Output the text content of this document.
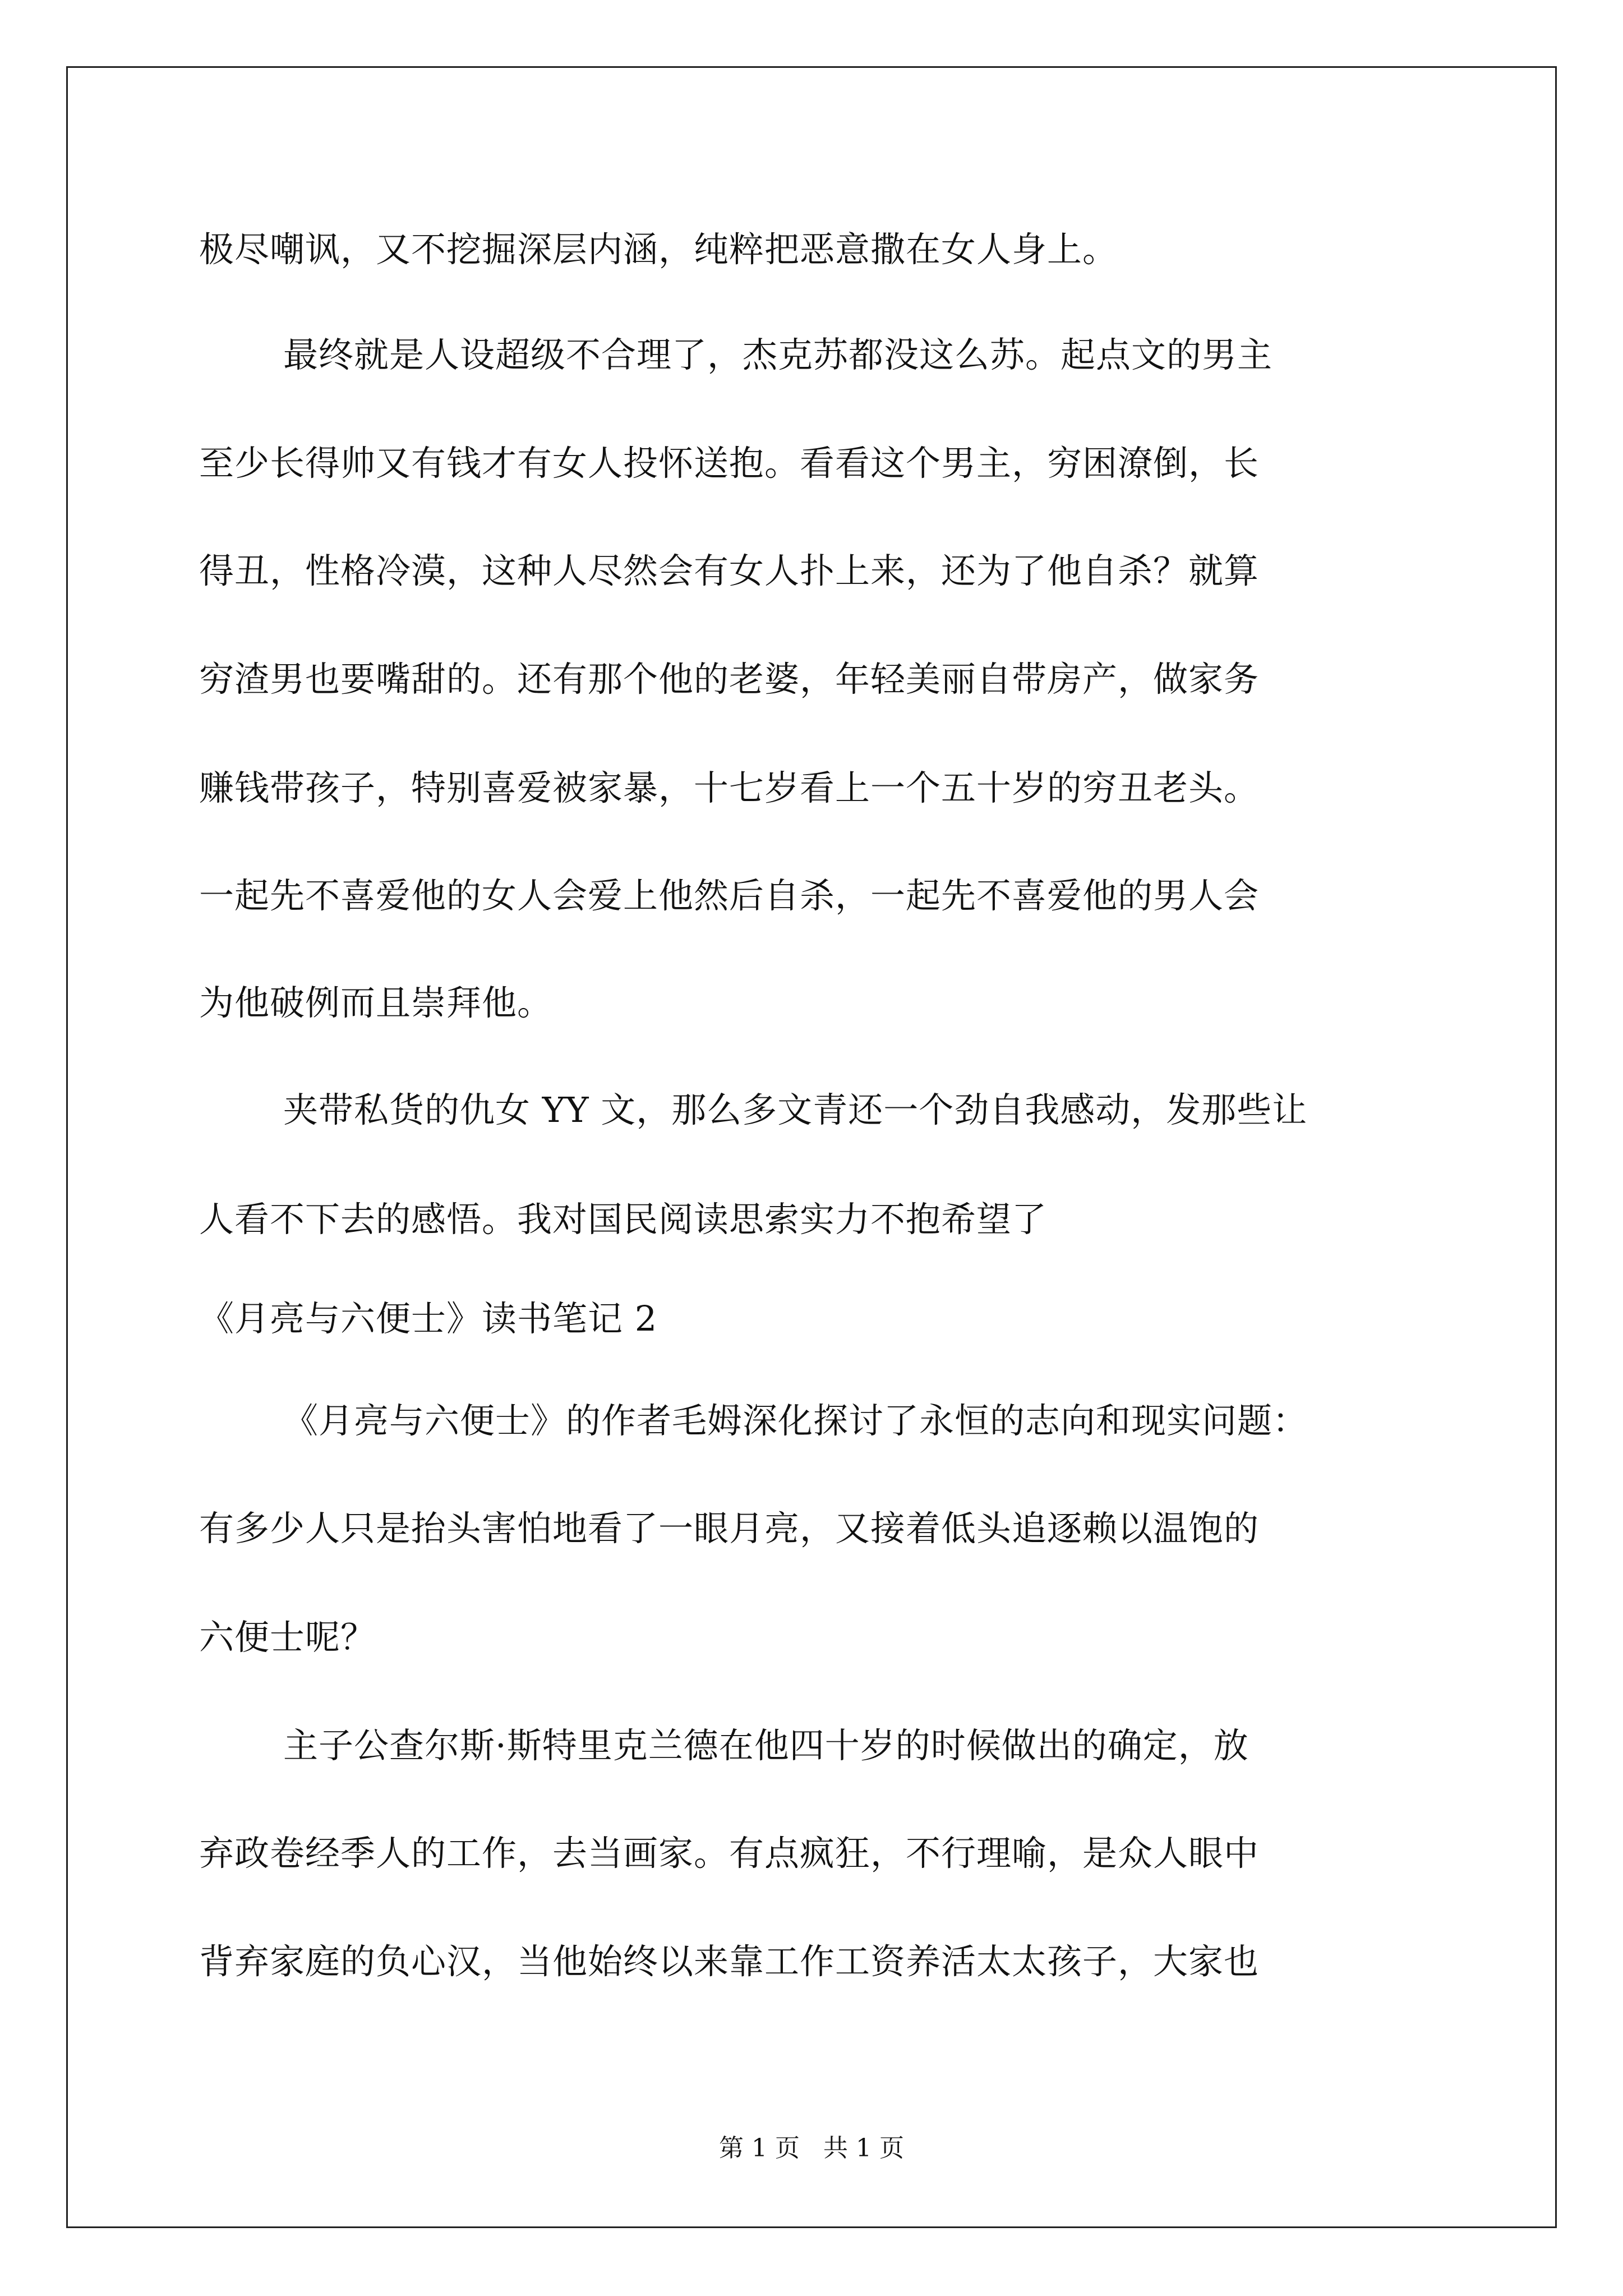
极尽嘲讽，又不挖掘深层内涵，纯粹把恶意撒在女人身上。
最终就是人设超级不合理了，杰克苏都没这么苏。起点文的男主
至少长得帅又有钱才有女人投怀送抱。看看这个男主，穷困潦倒，长
得丑，性格冷漠，这种人尽然会有女人扑上来，还为了他自杀？就算
穷渣男也要嘴甜的。还有那个他的老婆，年轻美丽自带房产，做家务
赚钱带孩子，特别喜爱被家暴，十七岁看上一个五十岁的穷丑老头。
一起先不喜爱他的女人会爱上他然后自杀，一起先不喜爱他的男人会
为他破例而且崇拜他。
夹带私货的仇女 YY 文，那么多文青还一个劲自我感动，发那些让
人看不下去的感悟。我对国民阅读思索实力不抱希望了
《月亮与六便士》读书笔记 2
《月亮与六便士》的作者毛姆深化探讨了永恒的志向和现实问题：
有多少人只是抬头害怕地看了一眼月亮，又接着低头追逐赖以温饱的
六便士呢？
主子公查尔斯·斯特里克兰德在他四十岁的时候做出的确定，放
弃政卷经季人的工作，去当画家。有点疯狂，不行理喻，是众人眼中
背弃家庭的负心汉，当他始终以来靠工作工资养活太太孩子，大家也
第 1 页   共 1 页
